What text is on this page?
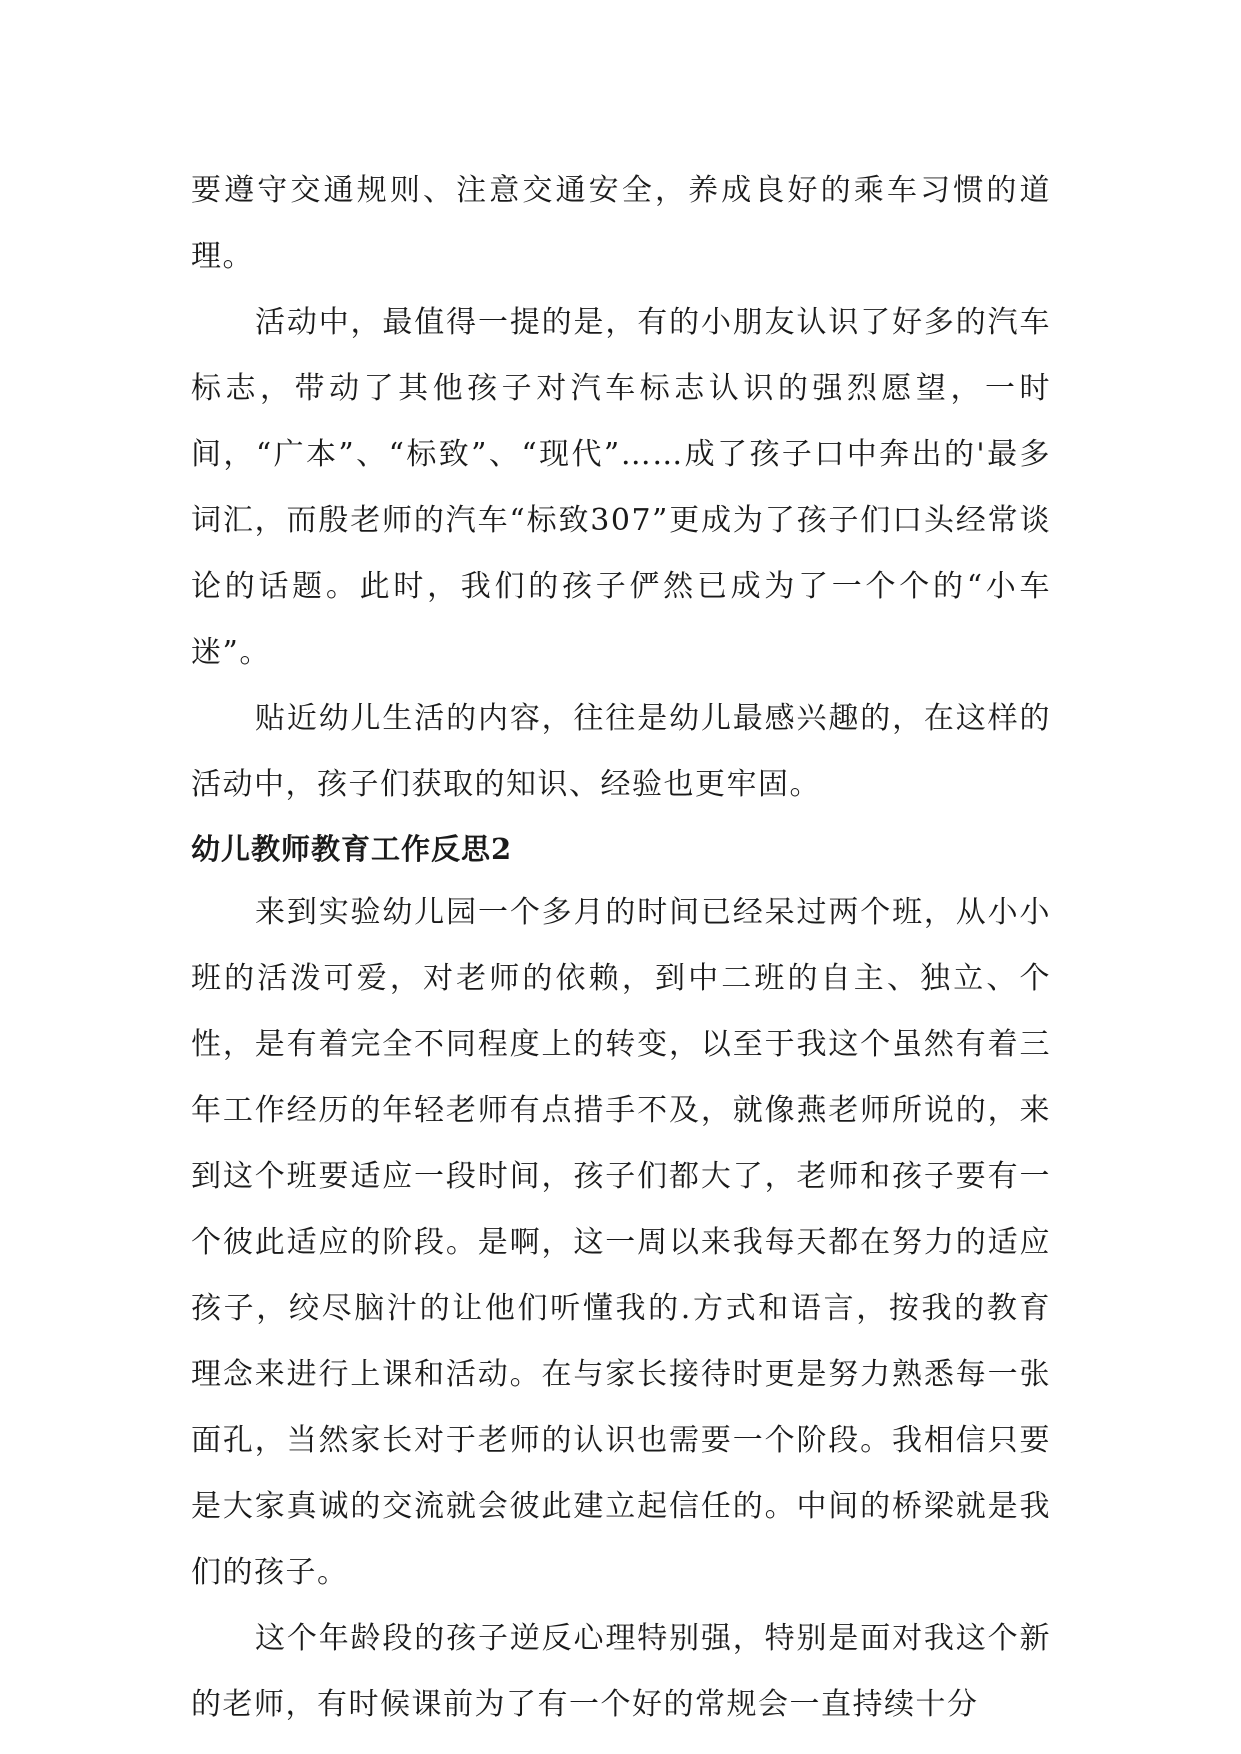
要遵守交通规则、注意交通安全，养成良好的乘车习惯的道理。

活动中，最值得一提的是，有的小朋友认识了好多的汽车标志，带动了其他孩子对汽车标志认识的强烈愿望，一时间，“广本”、“标致”、“现代”……成了孩子口中奔出的'最多词汇，而殷老师的汽车“标致307”更成为了孩子们口头经常谈论的话题。此时，我们的孩子俨然已成为了一个个的“小车迷”。

贴近幼儿生活的内容，往往是幼儿最感兴趣的，在这样的活动中，孩子们获取的知识、经验也更牢固。

幼儿教师教育工作反思2

来到实验幼儿园一个多月的时间已经呆过两个班，从小小班的活泼可爱，对老师的依赖，到中二班的自主、独立、个性，是有着完全不同程度上的转变，以至于我这个虽然有着三年工作经历的年轻老师有点措手不及，就像燕老师所说的，来到这个班要适应一段时间，孩子们都大了，老师和孩子要有一个彼此适应的阶段。是啊，这一周以来我每天都在努力的适应孩子，绞尽脑汁的让他们听懂我的.方式和语言，按我的教育理念来进行上课和活动。在与家长接待时更是努力熟悉每一张面孔，当然家长对于老师的认识也需要一个阶段。我相信只要是大家真诚的交流就会彼此建立起信任的。中间的桥梁就是我们的孩子。

这个年龄段的孩子逆反心理特别强，特别是面对我这个新的老师，有时候课前为了有一个好的常规会一直持续十分
